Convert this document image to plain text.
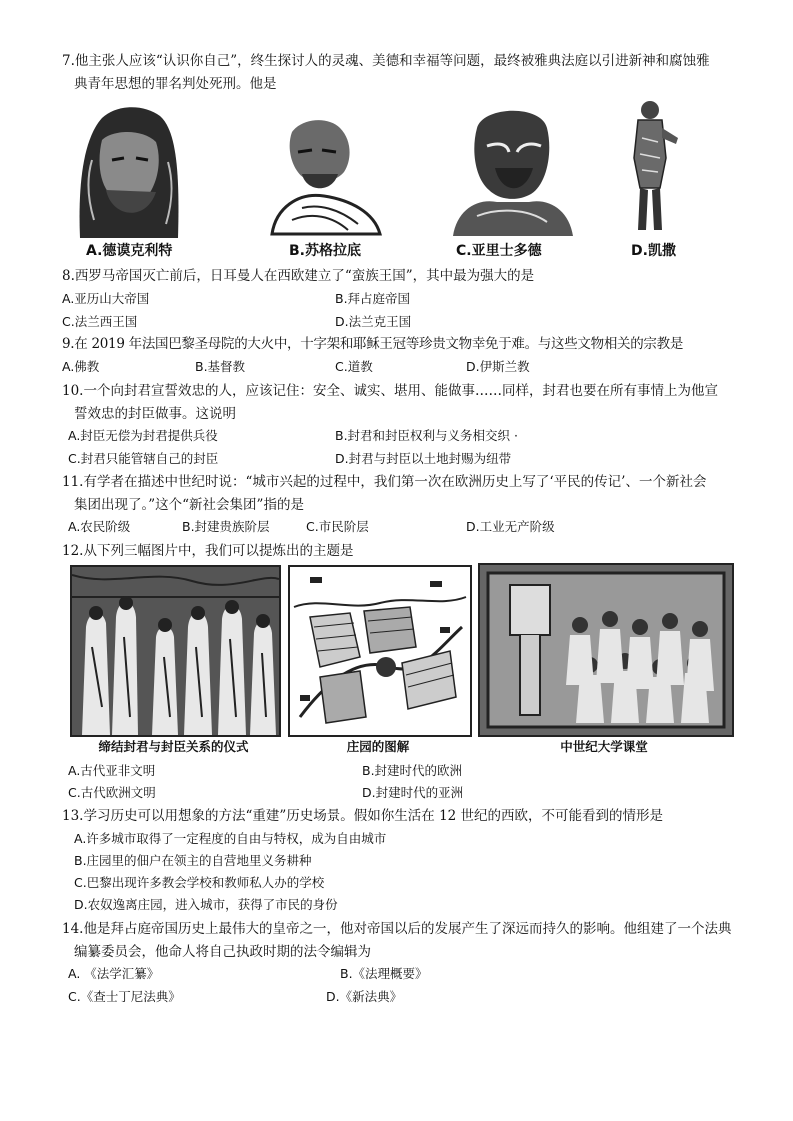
7.他主张人应该“认识你自己”，终生探讨人的灵魂、美德和幸福等问题，最终被雅典法庭以引进新神和腐蚀雅
典青年思想的罪名判处死刑。他是
A.德谟克利特	B.苏格拉底	C.亚里士多德	D.凯撒
8.西罗马帝国灭亡前后，日耳曼人在西欧建立了“蛮族王国”，其中最为强大的是
A.亚历山大帝国	B.拜占庭帝国
C.法兰西王国	D.法兰克王国
9.在 2019 年法国巴黎圣母院的大火中，十字架和耶稣王冠等珍贵文物幸免于难。与这些文物相关的宗教是
A.佛教	B.基督教	C.道教	D.伊斯兰教
10.一个向封君宣誓效忠的人，应该记住：安全、诚实、堪用、能做事……同样，封君也要在所有事情上为他宣
誓效忠的封臣做事。这说明
A.封臣无偿为封君提供兵役	B.封君和封臣权利与义务相交织 ·
C.封君只能管辖自己的封臣	D.封君与封臣以土地封赐为纽带
11.有学者在描述中世纪时说：“城市兴起的过程中，我们第一次在欧洲历史上写了‘平民的传记’、一个新社会
集团出现了。”这个“新社会集团”指的是
A.农民阶级	B.封建贵族阶层	C.市民阶层	D.工业无产阶级
12.从下列三幅图片中，我们可以提炼出的主题是
缔结封君与封臣关系的仪式	庄园的图解	中世纪大学课堂
A.古代亚非文明	B.封建时代的欧洲
C.古代欧洲文明	D.封建时代的亚洲
13.学习历史可以用想象的方法“重建”历史场景。假如你生活在 12 世纪的西欧，不可能看到的情形是
A.许多城市取得了一定程度的自由与特权，成为自由城市
B.庄园里的佃户在领主的自营地里义务耕种
C.巴黎出现许多教会学校和教师私人办的学校
D.农奴逸离庄园，进入城市，获得了市民的身份
14.他是拜占庭帝国历史上最伟大的皇帝之一，他对帝国以后的发展产生了深远而持久的影响。他组建了一个法典
编纂委员会，他命人将自己执政时期的法令编辑为
A. 《法学汇纂》	B.《法理概要》
C.《查士丁尼法典》	D.《新法典》
